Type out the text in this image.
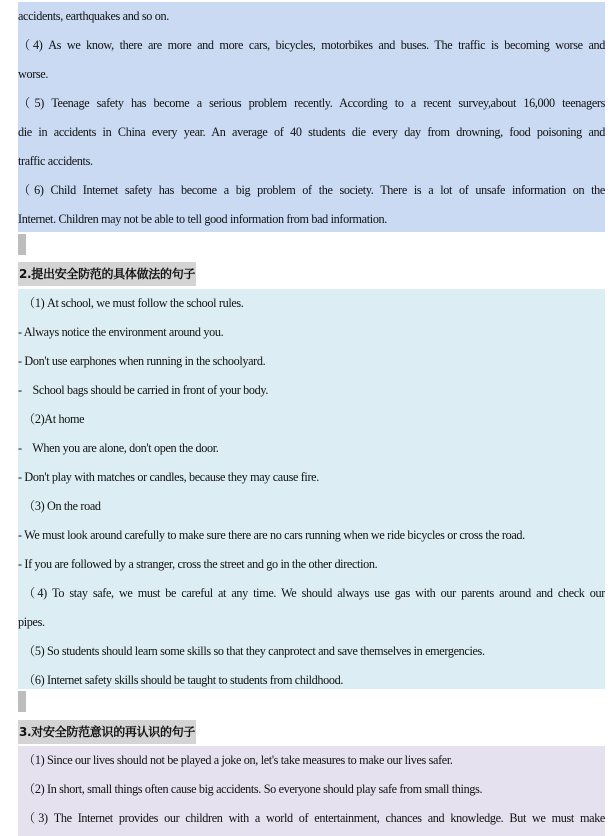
accidents, earthquakes and so on.
（4) As we know, there are more and more cars, bicycles, motorbikes and buses. The traffic is becoming worse and
worse.
（5) Teenage safety has become a serious problem recently. According to a recent survey,about 16,000 teenagers
die in accidents in China every year. An average of 40 students die every day from drowning, food poisoning and
traffic accidents.
（6) Child Internet safety has become a big problem of the society. There is a lot of unsafe information on the
Internet. Children may not be able to tell good information from bad information.
2.提出安全防范的具体做法的句子
（1) At school, we must follow the school rules.
- Always notice the environment around you.
- Don't use earphones when running in the schoolyard.
-    School bags should be carried in front of your body.
（2)At home
-    When you are alone, don't open the door.
- Don't play with matches or candles, because they may cause fire.
（3) On the road
- We must look around carefully to make sure there are no cars running when we ride bicycles or cross the road.
- If you are followed by a stranger, cross the street and go in the other direction.
（4) To stay safe, we must be careful at any time. We should always use gas with our parents around and check our
pipes.
（5) So students should learn some skills so that they canprotect and save themselves in emergencies.
（6) Internet safety skills should be taught to students from childhood.
3.对安全防范意识的再认识的句子
（1) Since our lives should not be played a joke on, let's take measures to make our lives safer.
（2) In short, small things often cause big accidents. So everyone should play safe from small things.
（3) The Internet provides our children with a world of entertainment, chances and knowledge. But we must make
